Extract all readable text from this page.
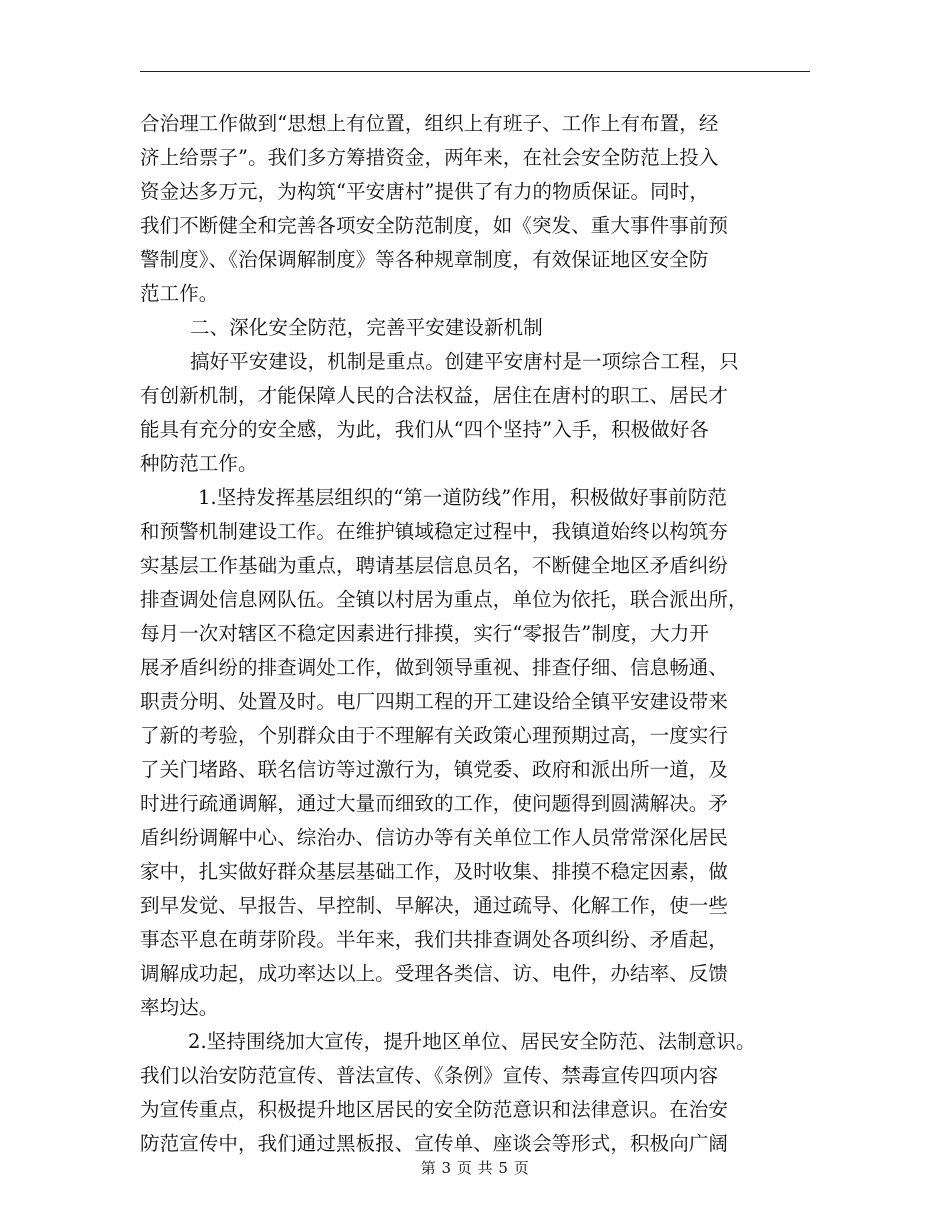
合治理工作做到“思想上有位置，组织上有班子、工作上有布置，经
济上给票子”。我们多方筹措资金，两年来，在社会安全防范上投入
资金达多万元，为构筑“平安唐村”提供了有力的物质保证。同时，
我们不断健全和完善各项安全防范制度，如《突发、重大事件事前预
警制度》、《治保调解制度》等各种规章制度，有效保证地区安全防
范工作。
二、深化安全防范，完善平安建设新机制
搞好平安建设，机制是重点。创建平安唐村是一项综合工程，只
有创新机制，才能保障人民的合法权益，居住在唐村的职工、居民才
能具有充分的安全感，为此，我们从“四个坚持”入手，积极做好各
种防范工作。
1.坚持发挥基层组织的“第一道防线”作用，积极做好事前防范
和预警机制建设工作。在维护镇域稳定过程中，我镇道始终以构筑夯
实基层工作基础为重点，聘请基层信息员名，不断健全地区矛盾纠纷
排查调处信息网队伍。全镇以村居为重点，单位为依托，联合派出所，
每月一次对辖区不稳定因素进行排摸，实行“零报告”制度，大力开
展矛盾纠纷的排查调处工作，做到领导重视、排查仔细、信息畅通、
职责分明、处置及时。电厂四期工程的开工建设给全镇平安建设带来
了新的考验，个别群众由于不理解有关政策心理预期过高，一度实行
了关门堵路、联名信访等过激行为，镇党委、政府和派出所一道，及
时进行疏通调解，通过大量而细致的工作，使问题得到圆满解决。矛
盾纠纷调解中心、综治办、信访办等有关单位工作人员常常深化居民
家中，扎实做好群众基层基础工作，及时收集、排摸不稳定因素，做
到早发觉、早报告、早控制、早解决，通过疏导、化解工作，使一些
事态平息在萌芽阶段。半年来，我们共排查调处各项纠纷、矛盾起，
调解成功起，成功率达以上。受理各类信、访、电件，办结率、反馈
率均达。
2.坚持围绕加大宣传，提升地区单位、居民安全防范、法制意识。
我们以治安防范宣传、普法宣传、《条例》宣传、禁毒宣传四项内容
为宣传重点，积极提升地区居民的安全防范意识和法律意识。在治安
防范宣传中，我们通过黑板报、宣传单、座谈会等形式，积极向广阔
第 3 页 共 5 页
